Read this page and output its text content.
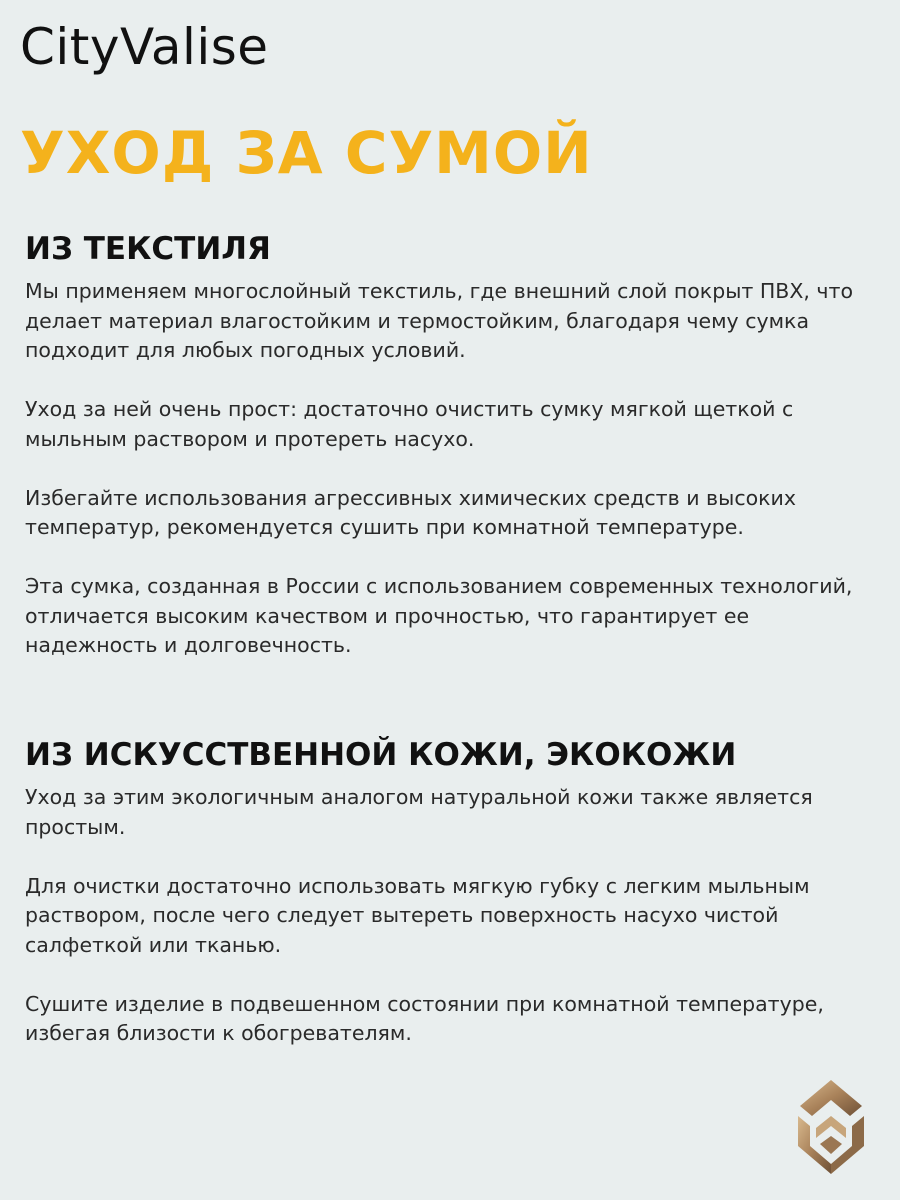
CityValise
УХОД ЗА СУМОЙ
ИЗ ТЕКСТИЛЯ

Мы применяем многослойный текстиль, где внешний слой покрыт ПВХ, что делает материал влагостойким и термостойким, благодаря чему сумка подходит для любых погодных условий.

Уход за ней очень прост: достаточно очистить сумку мягкой щеткой с мыльным раствором и протереть насухо.

Избегайте использования агрессивных химических средств и высоких температур, рекомендуется сушить при комнатной температуре.

Эта сумка, созданная в России с использованием современных технологий, отличается высоким качеством и прочностью, что гарантирует ее надежность и долговечность.

ИЗ ИСКУССТВЕННОЙ КОЖИ, ЭКОКОЖИ

Уход за этим экологичным аналогом натуральной кожи также является простым.

Для очистки достаточно использовать мягкую губку с легким мыльным раствором, после чего следует вытереть поверхность насухо чистой салфеткой или тканью.

Сушите изделие в подвешенном состоянии при комнатной температуре, избегая близости к обогревателям.
